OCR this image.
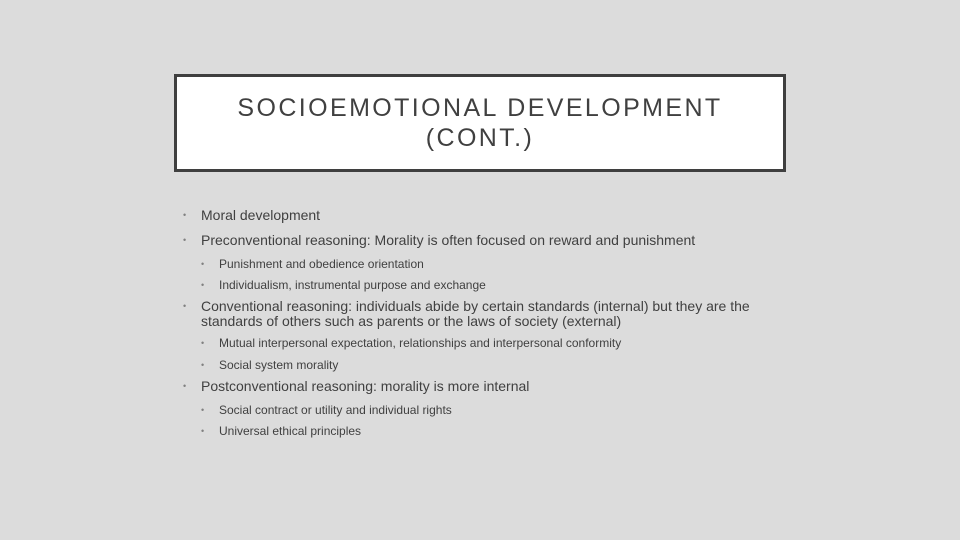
SOCIOEMOTIONAL DEVELOPMENT
(CONT.)
• Moral development
• Preconventional reasoning: Morality is often focused on reward and punishment
• Punishment and obedience orientation
• Individualism, instrumental purpose and exchange
• Conventional reasoning: individuals abide by certain standards (internal) but they are the standards of others such as parents or the laws of society (external)
• Mutual interpersonal expectation, relationships and interpersonal conformity
• Social system morality
• Postconventional reasoning: morality is more internal
• Social contract or utility and individual rights
• Universal ethical principles
